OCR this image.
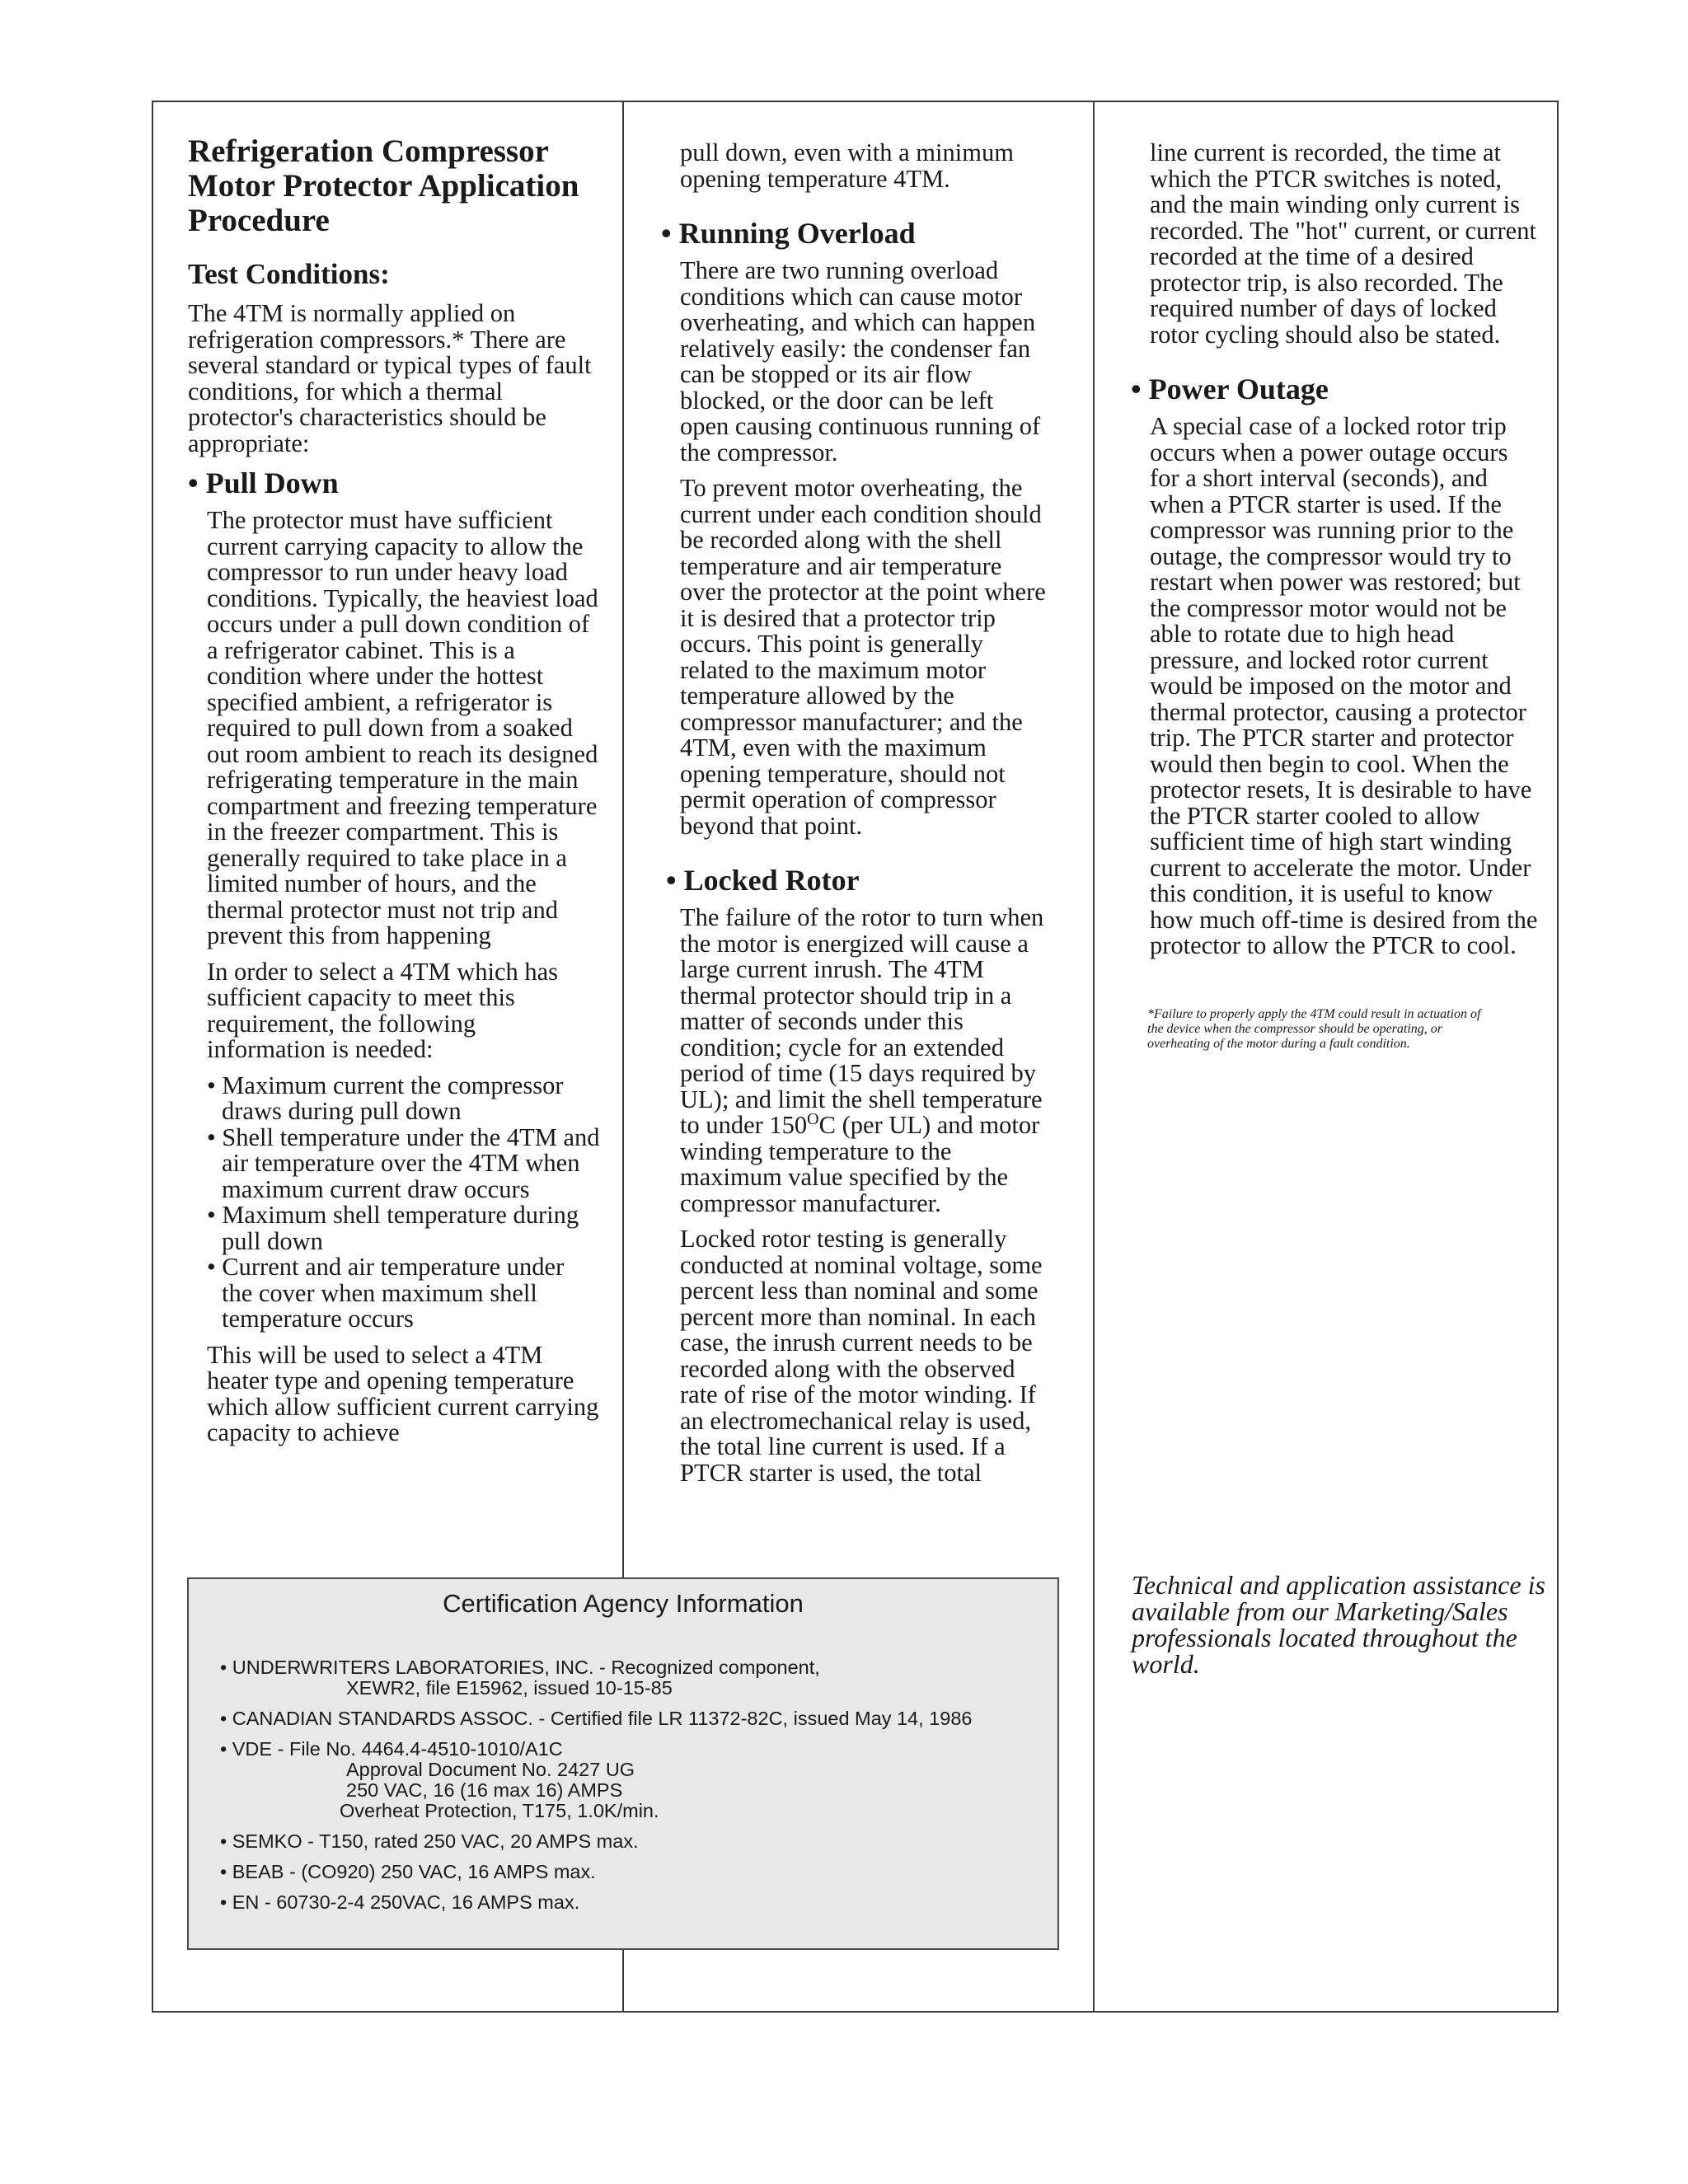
Refrigeration Compressor Motor Protector Application Procedure
Test Conditions:

The 4TM is normally applied on refrigeration compressors.* There are several standard or typical types of fault conditions, for which a thermal protector's characteristics should be appropriate:

• Pull Down

The protector must have sufficient current carrying capacity to allow the compressor to run under heavy load conditions. Typically, the heaviest load occurs under a pull down condition of a refrigerator cabinet. This is a condition where under the hottest specified ambient, a refrigerator is required to pull down from a soaked out room ambient to reach its designed refrigerating temperature in the main compartment and freezing temperature in the freezer compartment. This is generally required to take place in a limited number of hours, and the thermal protector must not trip and prevent this from happening

In order to select a 4TM which has sufficient capacity to meet this requirement, the following information is needed:

• Maximum current the compressor draws during pull down

• Shell temperature under the 4TM and air temperature over the 4TM when maximum current draw occurs

• Maximum shell temperature during pull down

• Current and air temperature under the cover when maximum shell temperature occurs

This will be used to select a 4TM heater type and opening temperature which allow sufficient current carrying capacity to achieve

pull down, even with a minimum opening temperature 4TM.

• Running Overload

There are two running overload conditions which can cause motor overheating, and which can happen relatively easily: the condenser fan can be stopped or its air flow blocked, or the door can be left open causing continuous running of the compressor.

To prevent motor overheating, the current under each condition should be recorded along with the shell temperature and air temperature over the protector at the point where it is desired that a protector trip occurs. This point is generally related to the maximum motor temperature allowed by the compressor manufacturer; and the 4TM, even with the maximum opening temperature, should not permit operation of compressor beyond that point.

• Locked Rotor

The failure of the rotor to turn when the motor is energized will cause a large current inrush. The 4TM thermal protector should trip in a matter of seconds under this condition; cycle for an extended period of time (15 days required by UL); and limit the shell temperature to under $150^OC$ (per UL) and motor winding temperature to the maximum value specified by the compressor manufacturer.

Locked rotor testing is generally conducted at nominal voltage, some percent less than nominal and some percent more than nominal. In each case, the inrush current needs to be recorded along with the observed rate of rise of the motor winding. If an electromechanical relay is used, the total line current is used. If a PTCR starter is used, the total

line current is recorded, the time at which the PTCR switches is noted, and the main winding only current is recorded. The "hot" current, or current recorded at the time of a desired protector trip, is also recorded. The required number of days of locked rotor cycling should also be stated.

• Power Outage

A special case of a locked rotor trip occurs when a power outage occurs for a short interval (seconds), and when a PTCR starter is used. If the compressor was running prior to the outage, the compressor would try to restart when power was restored; but the compressor motor would not be able to rotate due to high head pressure, and locked rotor current would be imposed on the motor and thermal protector, causing a protector trip. The PTCR starter and protector would then begin to cool. When the protector resets, It is desirable to have the PTCR starter cooled to allow sufficient time of high start winding current to accelerate the motor. Under this condition, it is useful to know how much off-time is desired from the protector to allow the PTCR to cool.

*Failure to properly apply the 4TM could result in actuation of the device when the compressor should be operating, or overheating of the motor during a fault condition.

Technical and application assistance is available from our Marketing/Sales professionals located throughout the world.
Certification Agency Information
• UNDERWRITERS LABORATORIES, INC. - Recognized component,
XEWR2, file E15962, issued 10-15-85
• CANADIAN STANDARDS ASSOC. - Certified file LR 11372-82C, issued May 14, 1986
• VDE - File No. 4464.4-4510-1010/A1C
Approval Document No. 2427 UG
250 VAC, 16 (16 max 16) AMPS
Overheat Protection, T175, 1.0K/min.
• SEMKO - T150, rated 250 VAC, 20 AMPS max.
• BEAB - (CO920) 250 VAC, 16 AMPS max.
• EN - 60730-2-4 250VAC, 16 AMPS max.
